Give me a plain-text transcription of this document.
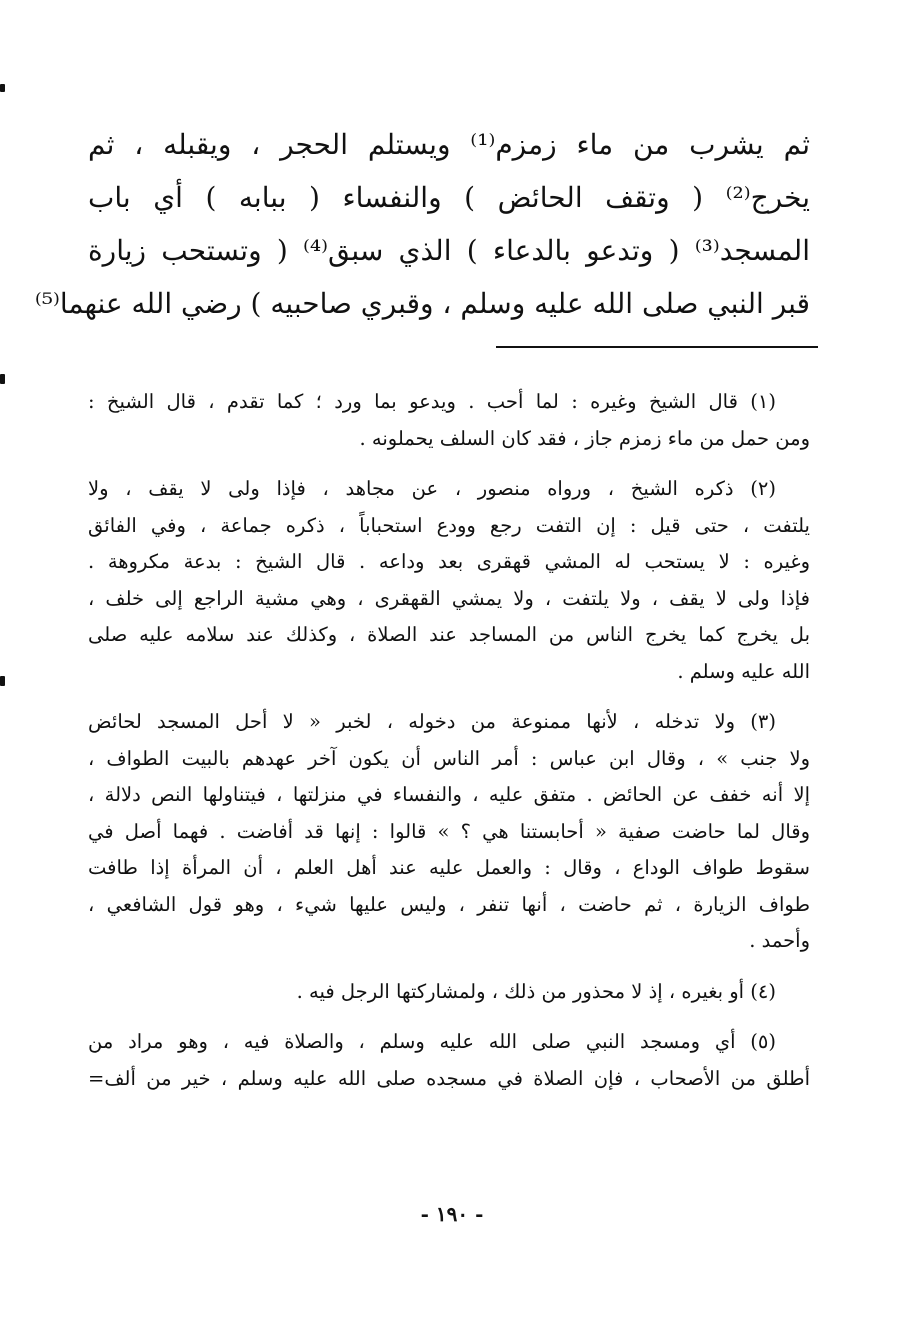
ثم يشرب من ماء زمزم⁽¹⁾ ويستلم الحجر ، ويقبله ، ثم
يخرج⁽²⁾ ( وتقف الحائض ) والنفساء ( ببابه ) أي باب
المسجد⁽³⁾ ( وتدعو بالدعاء ) الذي سبق⁽⁴⁾ ( وتستحب زيارة
قبر النبي صلى الله عليه وسلم ، وقبري صاحبيه ) رضي الله عنهما⁽⁵⁾
(١) قال الشيخ وغيره : لما أحب . ويدعو بما ورد ؛ كما تقدم ، قال الشيخ :
ومن حمل من ماء زمزم جاز ، فقد كان السلف يحملونه .
(٢) ذكره الشيخ ، ورواه منصور ، عن مجاهد ، فإذا ولى لا يقف ، ولا
يلتفت ، حتى قيل : إن التفت رجع وودع استحباباً ، ذكره جماعة ، وفي الفائق
وغيره : لا يستحب له المشي قهقرى بعد وداعه . قال الشيخ : بدعة مكروهة .
فإذا ولى لا يقف ، ولا يلتفت ، ولا يمشي القهقرى ، وهي مشية الراجع إلى خلف ،
بل يخرج كما يخرج الناس من المساجد عند الصلاة ، وكذلك عند سلامه عليه صلى
الله عليه وسلم .
(٣) ولا تدخله ، لأنها ممنوعة من دخوله ، لخبر « لا أحل المسجد لحائض
ولا جنب » ، وقال ابن عباس : أمر الناس أن يكون آخر عهدهم بالبيت الطواف ،
إلا أنه خفف عن الحائض . متفق عليه ، والنفساء في منزلتها ، فيتناولها النص دلالة ،
وقال لما حاضت صفية « أحابستنا هي ؟ » قالوا : إنها قد أفاضت . فهما أصل في
سقوط طواف الوداع ، وقال : والعمل عليه عند أهل العلم ، أن المرأة إذا طافت
طواف الزيارة ، ثم حاضت ، أنها تنفر ، وليس عليها شيء ، وهو قول الشافعي ،
وأحمد .
(٤) أو بغيره ، إذ لا محذور من ذلك ، ولمشاركتها الرجل فيه .
(٥) أي ومسجد النبي صلى الله عليه وسلم ، والصلاة فيه ، وهو مراد من
أطلق من الأصحاب ، فإن الصلاة في مسجده صلى الله عليه وسلم ، خير من ألف=
- ١٩٠ -
